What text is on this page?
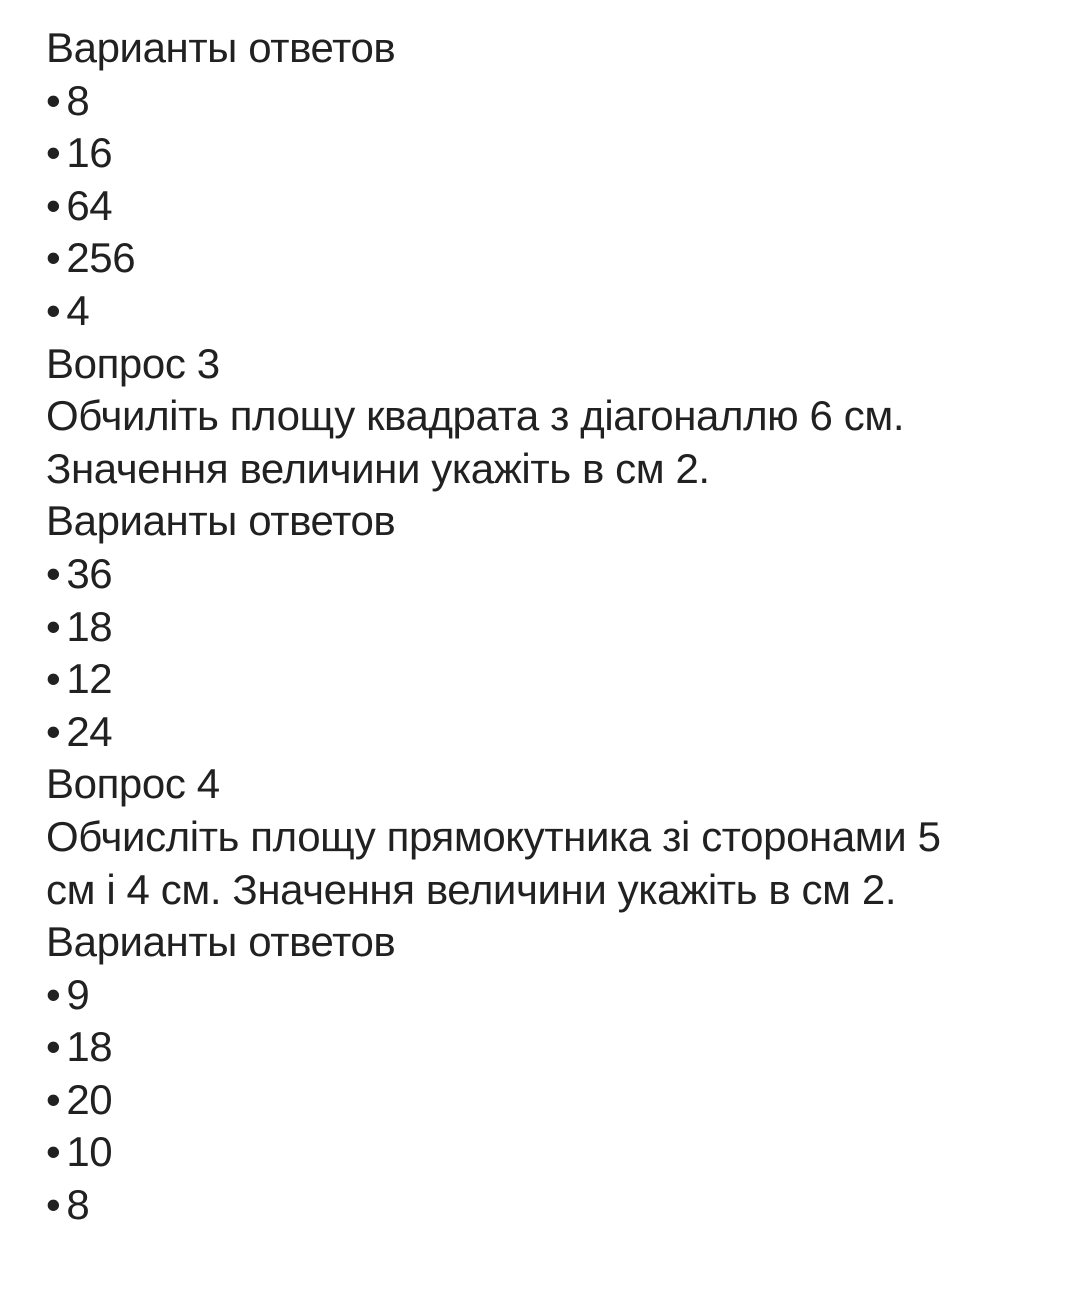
Варианты ответов
• 8
• 16
• 64
• 256
• 4
Вопрос 3
Обчиліть площу квадрата з діагоналлю 6 см.
Значення величини укажіть в см 2.
Варианты ответов
• 36
• 18
• 12
• 24
Вопрос 4
Обчисліть площу прямокутника зі сторонами 5
см і 4 см. Значення величини укажіть в см 2.
Варианты ответов
• 9
• 18
• 20
• 10
• 8
